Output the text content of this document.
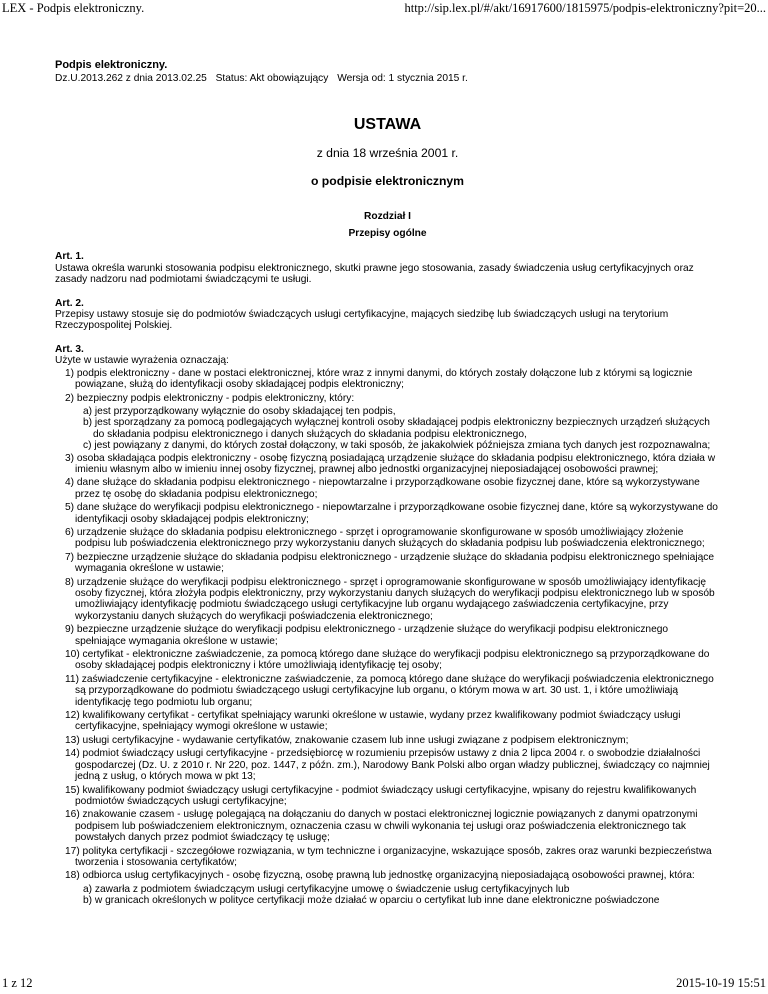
LEX - Podpis elektroniczny.	http://sip.lex.pl/#/akt/16917600/1815975/podpis-elektroniczny?pit=20...

Podpis elektroniczny.

Dz.U.2013.262 z dnia 2013.02.25 Status: Akt obowiązujący Wersja od: 1 stycznia 2015 r.

USTAWA

z dnia 18 września 2001 r.

o podpisie elektronicznym

Rozdział I

Przepisy ogólne

Art. 1.
Ustawa określa warunki stosowania podpisu elektronicznego, skutki prawne jego stosowania, zasady świadczenia usług certyfikacyjnych oraz zasady nadzoru nad podmiotami świadczącymi te usługi.
Art. 2.
Przepisy ustawy stosuje się do podmiotów świadczących usługi certyfikacyjne, mających siedzibę lub świadczących usługi na terytorium Rzeczypospolitej Polskiej.
Art. 3.
Użyte w ustawie wyrażenia oznaczają:
1) podpis elektroniczny - dane w postaci elektronicznej, które wraz z innymi danymi, do których zostały dołączone lub z którymi są logicznie powiązane, służą do identyfikacji osoby składającej podpis elektroniczny;
2) bezpieczny podpis elektroniczny - podpis elektroniczny, który:
a) jest przyporządkowany wyłącznie do osoby składającej ten podpis,
b) jest sporządzany za pomocą podlegających wyłącznej kontroli osoby składającej podpis elektroniczny bezpiecznych urządzeń służących do składania podpisu elektronicznego i danych służących do składania podpisu elektronicznego,
c) jest powiązany z danymi, do których został dołączony, w taki sposób, że jakakolwiek późniejsza zmiana tych danych jest rozpoznawalna;
3) osoba składająca podpis elektroniczny - osobę fizyczną posiadającą urządzenie służące do składania podpisu elektronicznego, która działa w imieniu własnym albo w imieniu innej osoby fizycznej, prawnej albo jednostki organizacyjnej nieposiadającej osobowości prawnej;
4) dane służące do składania podpisu elektronicznego - niepowtarzalne i przyporządkowane osobie fizycznej dane, które są wykorzystywane przez tę osobę do składania podpisu elektronicznego;
5) dane służące do weryfikacji podpisu elektronicznego - niepowtarzalne i przyporządkowane osobie fizycznej dane, które są wykorzystywane do identyfikacji osoby składającej podpis elektroniczny;
6) urządzenie służące do składania podpisu elektronicznego - sprzęt i oprogramowanie skonfigurowane w sposób umożliwiający złożenie podpisu lub poświadczenia elektronicznego przy wykorzystaniu danych służących do składania podpisu lub poświadczenia elektronicznego;
7) bezpieczne urządzenie służące do składania podpisu elektronicznego - urządzenie służące do składania podpisu elektronicznego spełniające wymagania określone w ustawie;
8) urządzenie służące do weryfikacji podpisu elektronicznego - sprzęt i oprogramowanie skonfigurowane w sposób umożliwiający identyfikację osoby fizycznej, która złożyła podpis elektroniczny, przy wykorzystaniu danych służących do weryfikacji podpisu elektronicznego lub w sposób umożliwiający identyfikację podmiotu świadczącego usługi certyfikacyjne lub organu wydającego zaświadczenia certyfikacyjne, przy wykorzystaniu danych służących do weryfikacji poświadczenia elektronicznego;
9) bezpieczne urządzenie służące do weryfikacji podpisu elektronicznego - urządzenie służące do weryfikacji podpisu elektronicznego spełniające wymagania określone w ustawie;
10) certyfikat - elektroniczne zaświadczenie, za pomocą którego dane służące do weryfikacji podpisu elektronicznego są przyporządkowane do osoby składającej podpis elektroniczny i które umożliwiają identyfikację tej osoby;
11) zaświadczenie certyfikacyjne - elektroniczne zaświadczenie, za pomocą którego dane służące do weryfikacji poświadczenia elektronicznego są przyporządkowane do podmiotu świadczącego usługi certyfikacyjne lub organu, o którym mowa w art. 30 ust. 1, i które umożliwiają identyfikację tego podmiotu lub organu;
12) kwalifikowany certyfikat - certyfikat spełniający warunki określone w ustawie, wydany przez kwalifikowany podmiot świadczący usługi certyfikacyjne, spełniający wymogi określone w ustawie;
13) usługi certyfikacyjne - wydawanie certyfikatów, znakowanie czasem lub inne usługi związane z podpisem elektronicznym;
14) podmiot świadczący usługi certyfikacyjne - przedsiębiorcę w rozumieniu przepisów ustawy z dnia 2 lipca 2004 r. o swobodzie działalności gospodarczej (Dz. U. z 2010 r. Nr 220, poz. 1447, z późn. zm.), Narodowy Bank Polski albo organ władzy publicznej, świadczący co najmniej jedną z usług, o których mowa w pkt 13;
15) kwalifikowany podmiot świadczący usługi certyfikacyjne - podmiot świadczący usługi certyfikacyjne, wpisany do rejestru kwalifikowanych podmiotów świadczących usługi certyfikacyjne;
16) znakowanie czasem - usługę polegającą na dołączaniu do danych w postaci elektronicznej logicznie powiązanych z danymi opatrzonymi podpisem lub poświadczeniem elektronicznym, oznaczenia czasu w chwili wykonania tej usługi oraz poświadczenia elektronicznego tak powstałych danych przez podmiot świadczący tę usługę;
17) polityka certyfikacji - szczegółowe rozwiązania, w tym techniczne i organizacyjne, wskazujące sposób, zakres oraz warunki bezpieczeństwa tworzenia i stosowania certyfikatów;
18) odbiorca usług certyfikacyjnych - osobę fizyczną, osobę prawną lub jednostkę organizacyjną nieposiadającą osobowości prawnej, która:
a) zawarła z podmiotem świadczącym usługi certyfikacyjne umowę o świadczenie usług certyfikacyjnych lub
b) w granicach określonych w polityce certyfikacji może działać w oparciu o certyfikat lub inne dane elektroniczne poświadczone
1 z 12	2015-10-19 15:51
